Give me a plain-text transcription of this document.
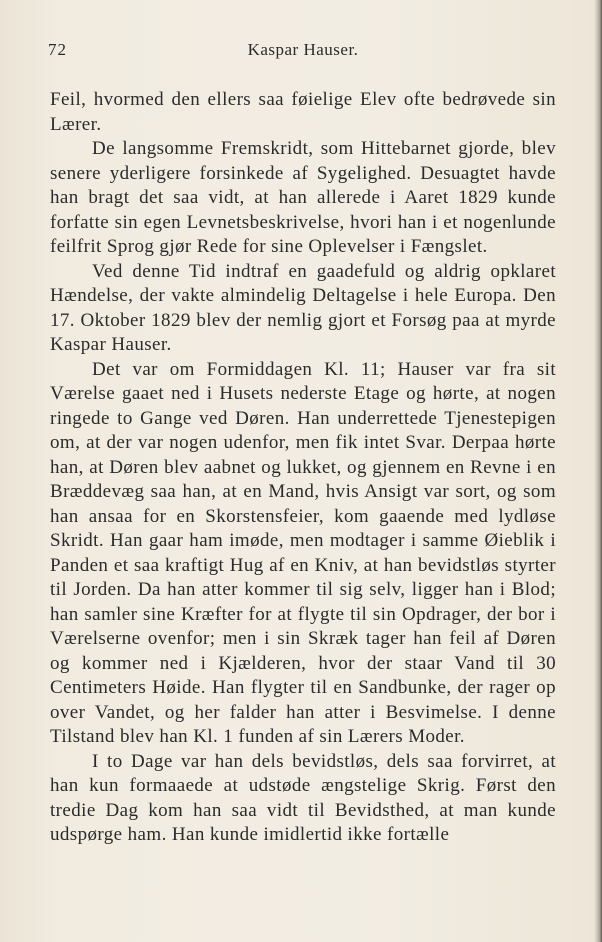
72	Kaspar Hauser.

Feil, hvormed den ellers saa føielige Elev ofte bedrøvede sin Lærer.

De langsomme Fremskridt, som Hittebarnet gjorde, blev senere yderligere forsinkede af Sygelighed. Desuagtet havde han bragt det saa vidt, at han allerede i Aaret 1829 kunde forfatte sin egen Levnetsbeskrivelse, hvori han i et nogenlunde feilfrit Sprog gjør Rede for sine Oplevelser i Fængslet.

Ved denne Tid indtraf en gaadefuld og aldrig opklaret Hændelse, der vakte almindelig Deltagelse i hele Europa. Den 17. Oktober 1829 blev der nemlig gjort et Forsøg paa at myrde Kaspar Hauser.

Det var om Formiddagen Kl. 11; Hauser var fra sit Værelse gaaet ned i Husets nederste Etage og hørte, at nogen ringede to Gange ved Døren. Han underrettede Tjenestepigen om, at der var nogen udenfor, men fik intet Svar. Derpaa hørte han, at Døren blev aabnet og lukket, og gjennem en Revne i en Bræddevæg saa han, at en Mand, hvis Ansigt var sort, og som han ansaa for en Skorstensfeier, kom gaaende med lydløse Skridt. Han gaar ham imøde, men modtager i samme Øieblik i Panden et saa kraftigt Hug af en Kniv, at han bevidstløs styrter til Jorden. Da han atter kommer til sig selv, ligger han i Blod; han samler sine Kræfter for at flygte til sin Opdrager, der bor i Værelserne ovenfor; men i sin Skræk tager han feil af Døren og kommer ned i Kjælderen, hvor der staar Vand til 30 Centimeters Høide. Han flygter til en Sandbunke, der rager op over Vandet, og her falder han atter i Besvimelse. I denne Tilstand blev han Kl. 1 funden af sin Lærers Moder.

I to Dage var han dels bevidstløs, dels saa forvirret, at han kun formaaede at udstøde ængstelige Skrig. Først den tredie Dag kom han saa vidt til Bevidsthed, at man kunde udspørge ham. Han kunde imidlertid ikke fortælle
